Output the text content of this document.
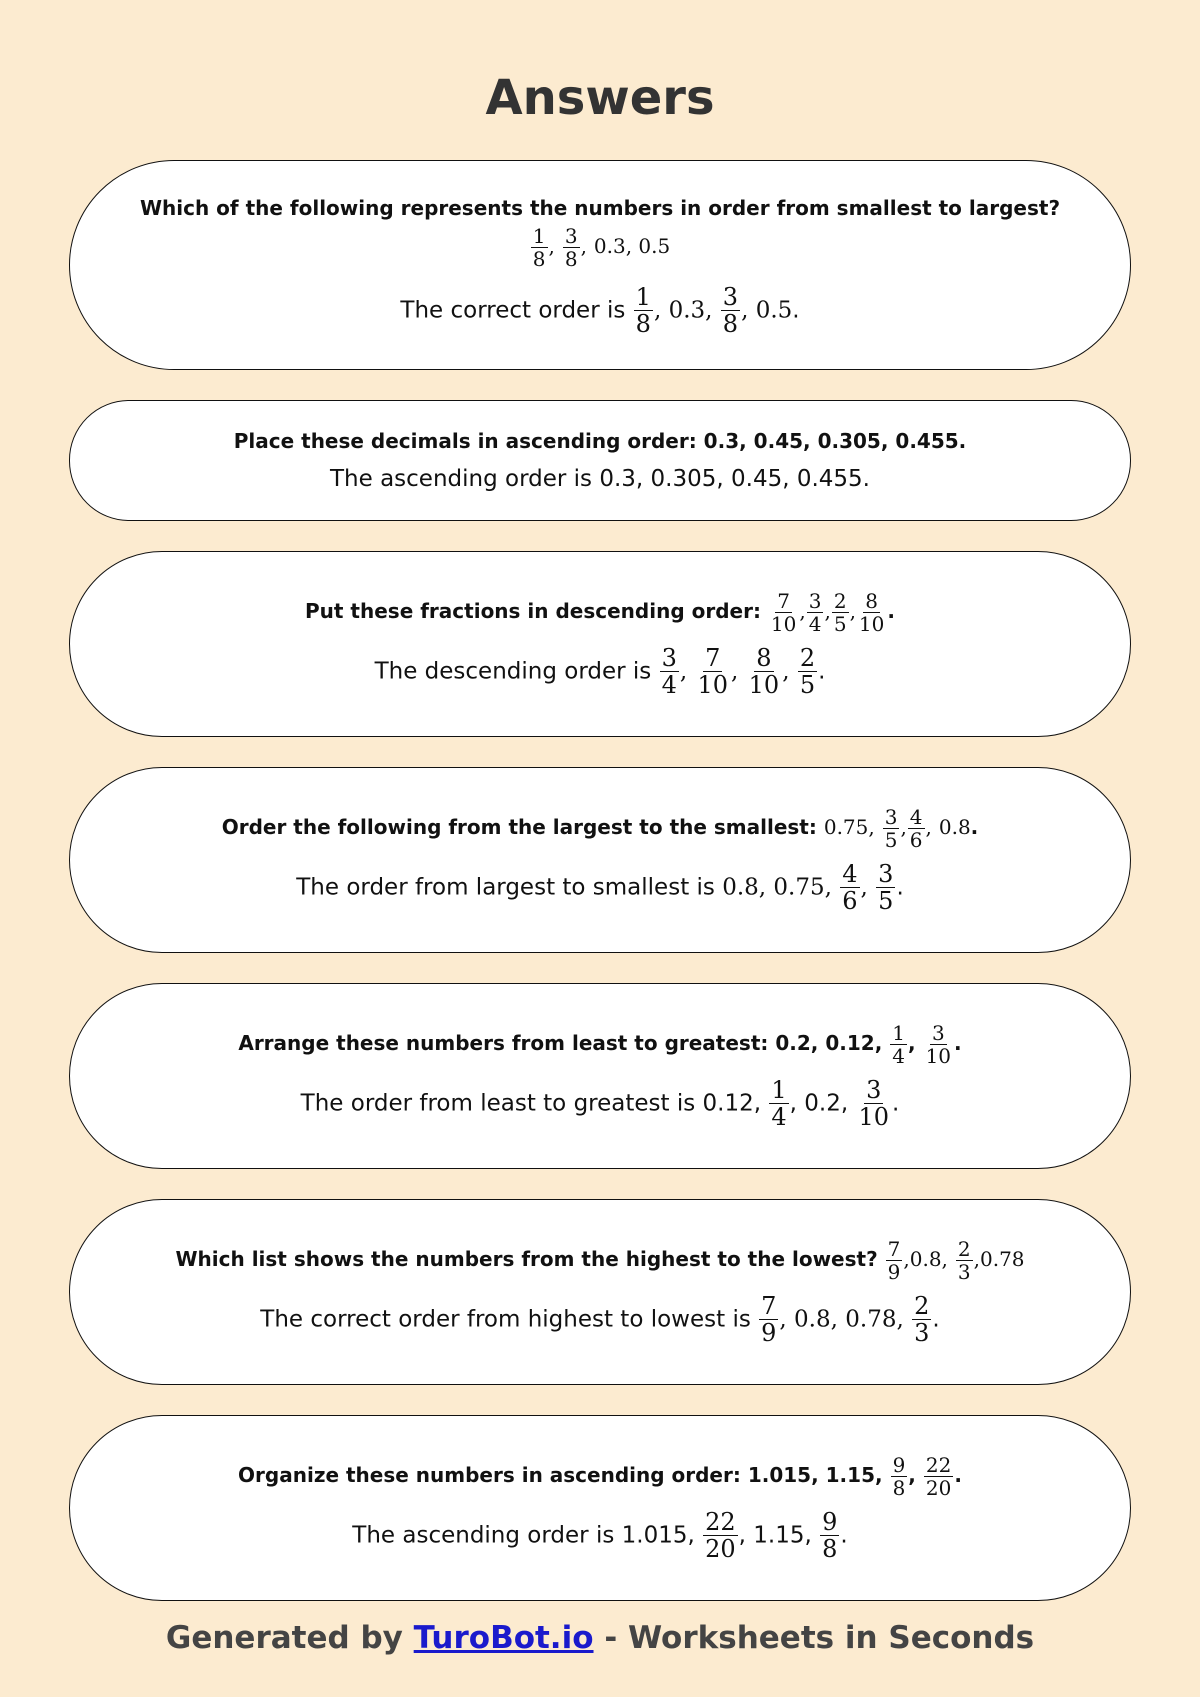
Answers
Which of the following represents the numbers in order from smallest to largest?
$\frac{1}{8}$ , $\frac{3}{8}$ , 0.3, 0.5
The correct order is $\frac{1}{8}$ , 0.3, $\frac{3}{8}$ , 0.5.
Place these decimals in ascending order: 0.3, 0.45, 0.305, 0.455.
The ascending order is 0.3, 0.305, 0.45, 0.455.
Put these fractions in descending order: $\frac{7}{10}$ , $\frac{3}{4}$ , $\frac{2}{5}$ , $\frac{8}{10}$ .
The descending order is $\frac{3}{4}$ , $\frac{7}{10}$ , $\frac{8}{10}$ , $\frac{2}{5}$ .
Order the following from the largest to the smallest: 0.75, $\frac{3}{5}$ , $\frac{4}{6}$ , 0.8.
The order from largest to smallest is 0.8, 0.75, $\frac{4}{6}$ , $\frac{3}{5}$ .
Arrange these numbers from least to greatest: 0.2, 0.12, $\frac{1}{4}$ , $\frac{3}{10}$ .
The order from least to greatest is 0.12, $\frac{1}{4}$ , 0.2, $\frac{3}{10}$ .
Which list shows the numbers from the highest to the lowest? $\frac{7}{9} ,0.8$, $\frac{2}{3} ,0.78$
The correct order from highest to lowest is $\frac{7}{9}$ , 0.8, 0.78, $\frac{2}{3}$ .
Organize these numbers in ascending order: 1.015, 1.15, $\frac{9}{8}$ , $\frac{22}{20}$ .
The ascending order is 1.015, $\frac{22}{20}$ , 1.15, $\frac{9}{8}$ .
Generated by TuroBot.io - Worksheets in Seconds
